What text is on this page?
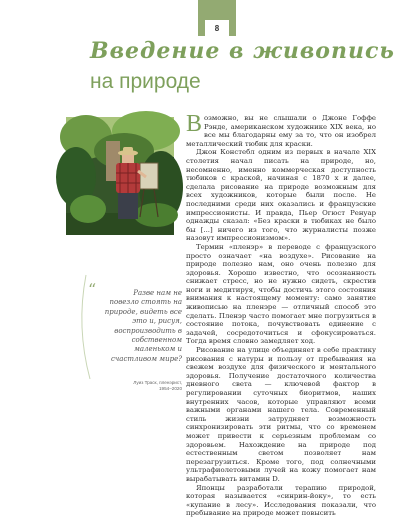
8
Введение в живопись
на природе
“	Разве нам не повезло стоять на природе, видеть все это и, рисуя, воспроизводить в собственном маленьком и счастливом мире?
Луиз Траск, пленэрист,
1954–2020

Возможно, вы не слышали о Джоне Гоффе Рэнде, американском художнике XIX века, но все мы благодарны ему за то, что он изобрел металлический тюбик для краски.

Джон Констебл одним из первых в начале XIX столетия начал писать на природе, но, несомненно, именно коммерческая доступность тюбиков с краской, начиная с 1870 х и далее, сделала рисование на природе возможным для всех художников, которые были после. Не последними среди них оказались и французские импрессионисты. И правда, Пьер Огюст Ренуар однажды сказал: «Без краски в тюбиках не было бы [...] ничего из того, что журналисты позже назовут импрессионизмом».

Термин «пленэр» в переводе с французского просто означает «на воздухе». Рисование на природе полезно нам, оно очень полезно для здоровья. Хорошо известно, что осознанность снижает стресс, но не нужно сидеть, скрестив ноги и медитируя, чтобы достичь этого состояния внимания к настоящему моменту: само занятие живописью на пленэре — отличный способ это сделать. Пленэр часто помогает мне погрузиться в состояние потока, почувствовать единение с задачей, сосредоточиться и сфокусироваться. Тогда время словно замедляет ход.

Рисование на улице объединяет в себе практику рисования с натуры и пользу от пребывания на свежем воздухе для физического и ментального здоровья. Получение достаточного количества дневного света — ключевой фактор в регулировании суточных биоритмов, наших внутренних часов, которые управляют всеми важными органами нашего тела. Современный стиль жизни затрудняет возможность синхронизировать эти ритмы, что со временем может привести к серьезным проблемам со здоровьем. Нахождение на природе под естественным светом позволяет нам перезагрузиться. Кроме того, под солнечными ультрафиолетовыми лучей на кожу помогает нам вырабатывать витамин D.

Японцы разработали терапию природой, которая называется «синрин-йоку», то есть «купание в лесу». Исследования показали, что пребывание на природе может повысить
